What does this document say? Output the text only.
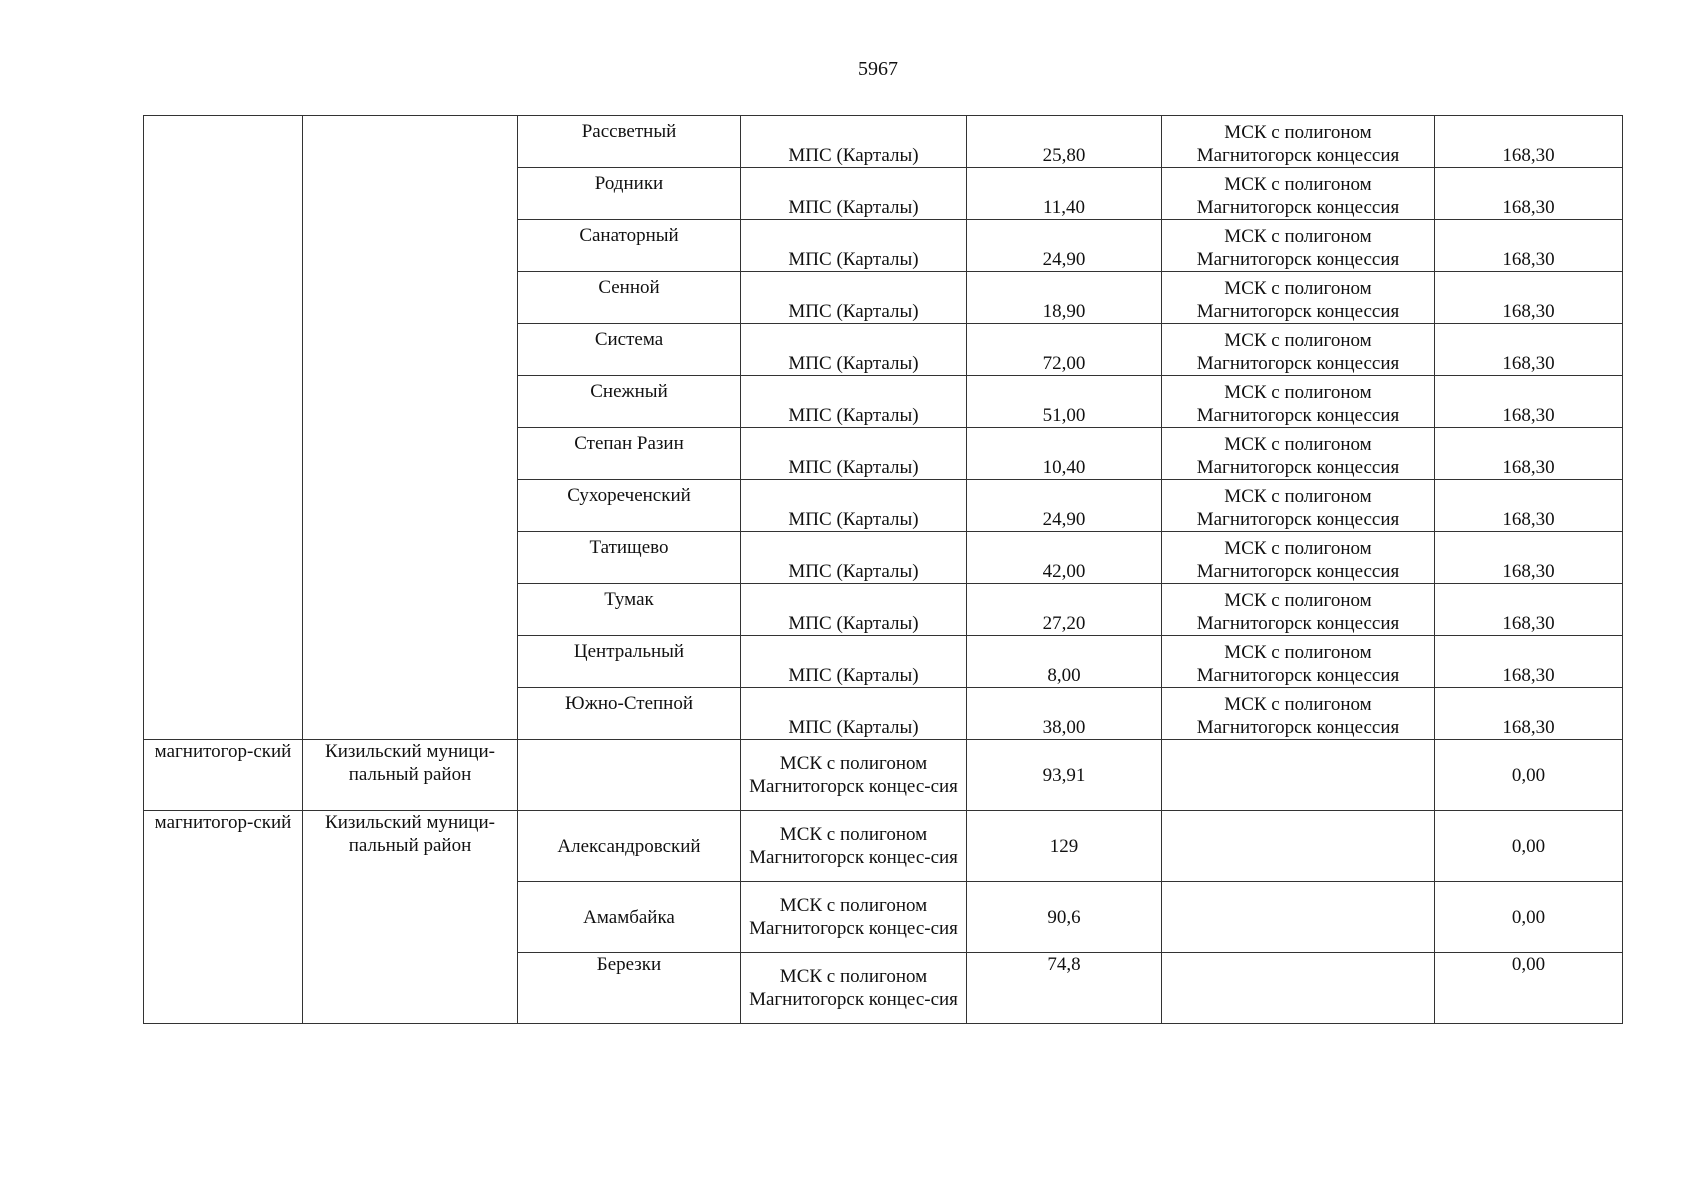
5967
		Рассветный	МПС (Карталы)	25,80	МСК с полигоном Магнитогорск концессия	168,30
		Родники	МПС (Карталы)	11,40	МСК с полигоном Магнитогорск концессия	168,30
		Санаторный	МПС (Карталы)	24,90	МСК с полигоном Магнитогорск концессия	168,30
		Сенной	МПС (Карталы)	18,90	МСК с полигоном Магнитогорск концессия	168,30
		Система	МПС (Карталы)	72,00	МСК с полигоном Магнитогорск концессия	168,30
		Снежный	МПС (Карталы)	51,00	МСК с полигоном Магнитогорск концессия	168,30
		Степан Разин	МПС (Карталы)	10,40	МСК с полигоном Магнитогорск концессия	168,30
		Сухореченский	МПС (Карталы)	24,90	МСК с полигоном Магнитогорск концессия	168,30
		Татищево	МПС (Карталы)	42,00	МСК с полигоном Магнитогорск концессия	168,30
		Тумак	МПС (Карталы)	27,20	МСК с полигоном Магнитогорск концессия	168,30
		Центральный	МПС (Карталы)	8,00	МСК с полигоном Магнитогорск концессия	168,30
		Южно-Степной	МПС (Карталы)	38,00	МСК с полигоном Магнитогорск концессия	168,30
магнитогор-ский	Кизильский муници-пальный район		МСК с полигоном Магнитогорск концес-сия	93,91		0,00
магнитогор-ский	Кизильский муници-пальный район	Александровский	МСК с полигоном Магнитогорск концес-сия	129		0,00
		Амамбайка	МСК с полигоном Магнитогорск концес-сия	90,6		0,00
		Березки	МСК с полигоном Магнитогорск концес-сия	74,8		0,00
